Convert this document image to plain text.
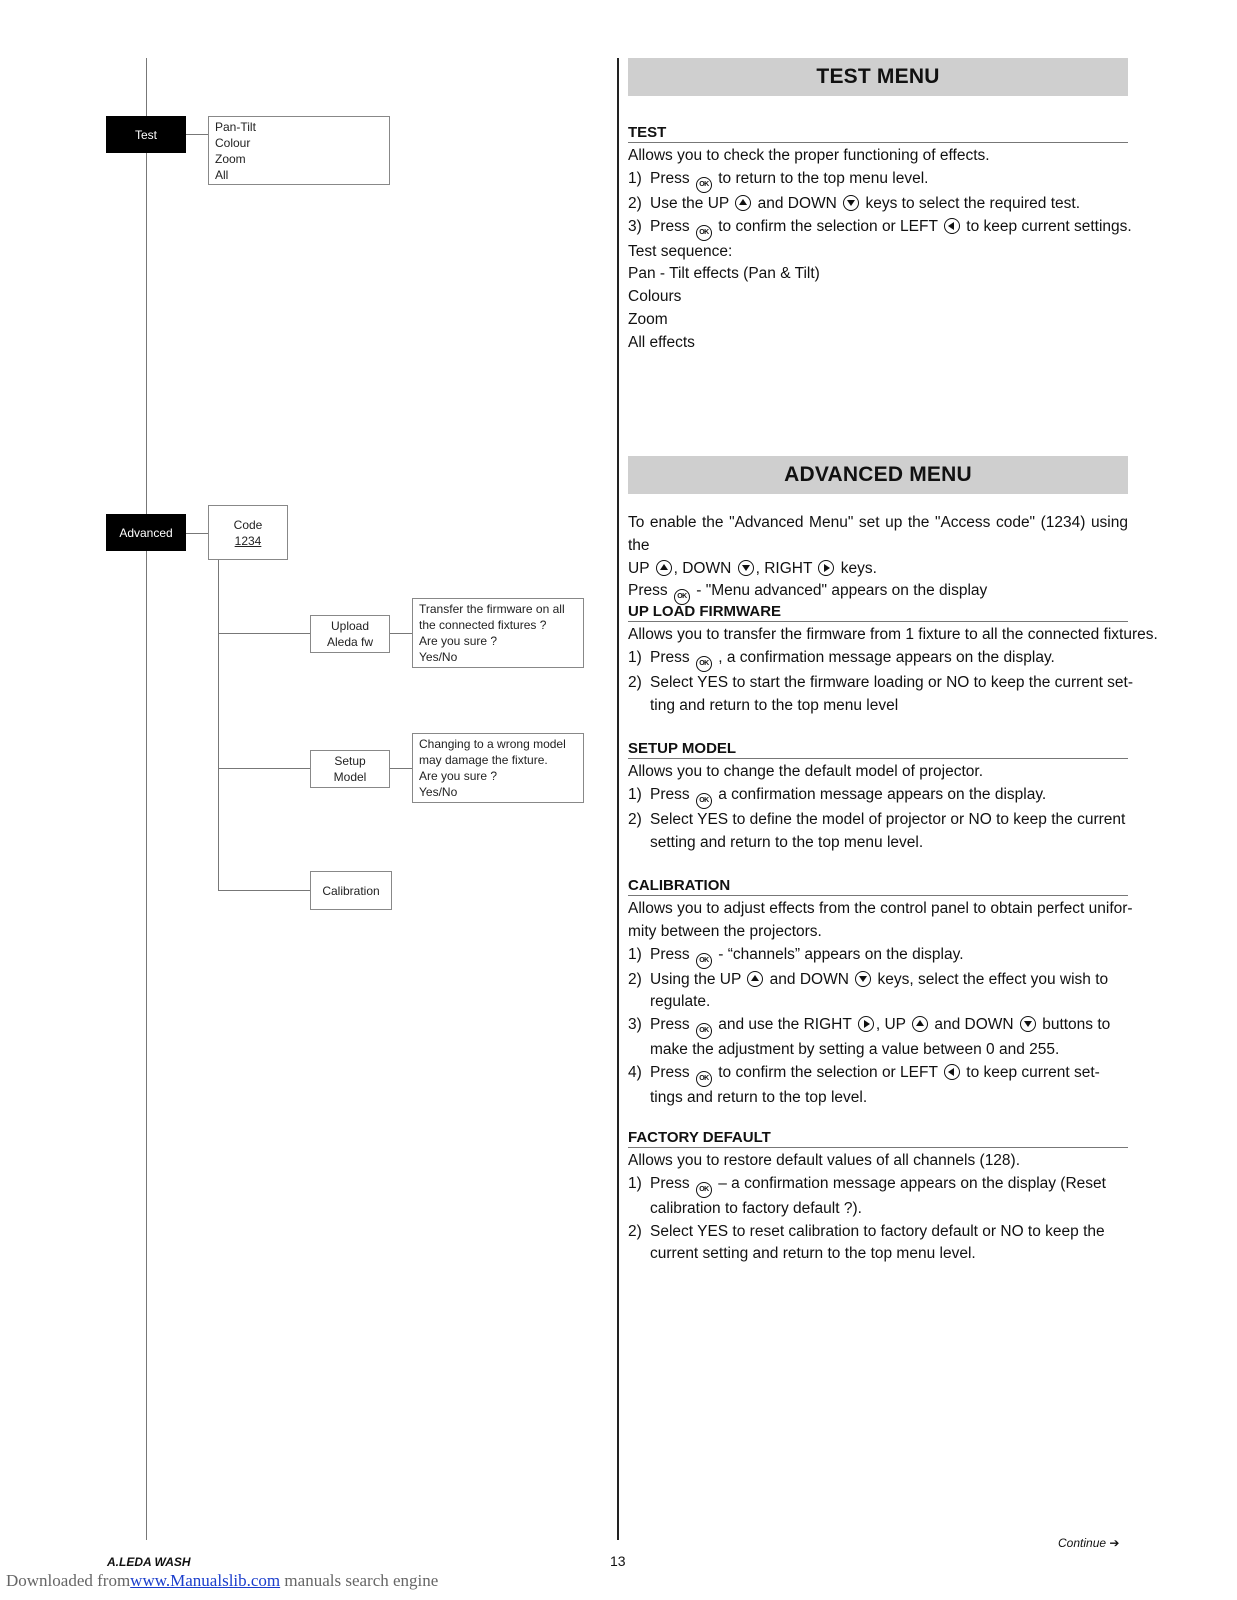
Test
Pan-Tilt
Colour
Zoom
All
Advanced
Code
1234
Upload
Aleda fw
Transfer the firmware on all
the connected fixtures ?
Are you sure ?
Yes/No
Setup
Model
Changing to a wrong model
may damage the fixture.
Are you sure ?
Yes/No
Calibration
TEST MENU
TEST
Allows you to check the proper functioning of effects.
1) Press OK to return to the top menu level.
2) Use the UP and DOWN keys to select the required test.
3) Press OK to confirm the selection or LEFT to keep current settings.
Test sequence:
Pan - Tilt effects (Pan & Tilt)
Colours
Zoom
All effects
ADVANCED MENU
To enable the "Advanced Menu" set up the "Access code" (1234) using the
UP , DOWN , RIGHT keys.
Press OK - "Menu advanced" appears on the display
UP LOAD FIRMWARE
Allows you to transfer the firmware from 1 fixture to all the connected fixtures.
1) Press OK , a confirmation message appears on the display.
2) Select YES to start the firmware loading or NO to keep the current set-
ting and return to the top menu level
SETUP MODEL
Allows you to change the default model of projector.
1) Press OK a confirmation message appears on the display.
2) Select YES to define the model of projector or NO to keep the current
setting and return to the top menu level.
CALIBRATION
Allows you to adjust effects from the control panel to obtain perfect unifor-
mity between the projectors.
1) Press OK - “channels” appears on the display.
2) Using the UP and DOWN keys, select the effect you wish to
regulate.
3) Press OK and use the RIGHT , UP and DOWN buttons to
make the adjustment by setting a value between 0 and 255.
4) Press OK to confirm the selection or LEFT to keep current set-
tings and return to the top level.
FACTORY DEFAULT
Allows you to restore default values of all channels (128).
1) Press OK – a confirmation message appears on the display (Reset
calibration to factory default ?).
2) Select YES to reset calibration to factory default or NO to keep the
current setting and return to the top menu level.
Continue ➔
A.LEDA WASH	13
Downloaded fromwww.Manualslib.com manuals search engine
